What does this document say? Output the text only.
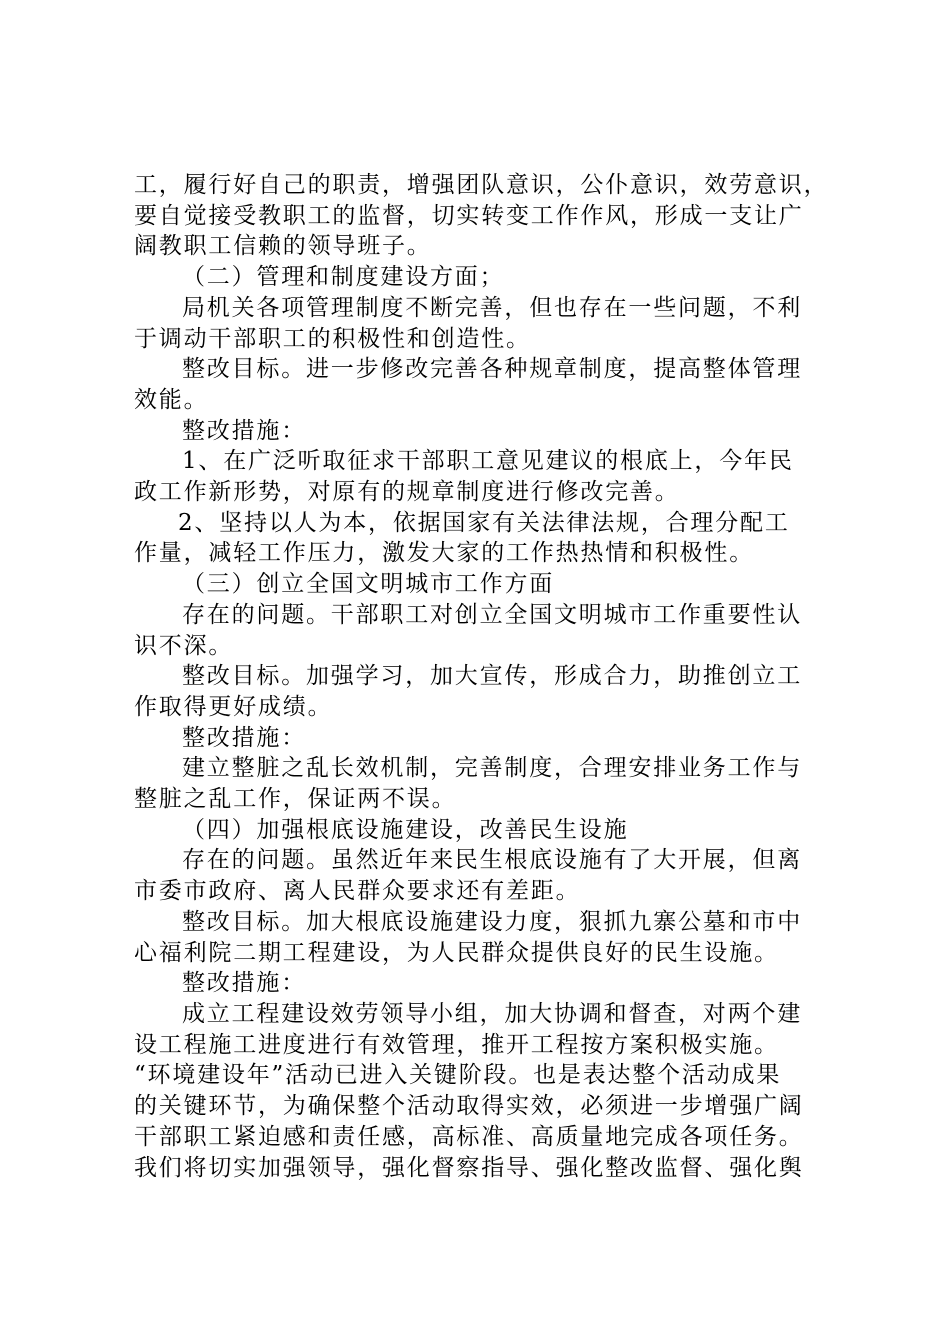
工，履行好自己的职责，增强团队意识，公仆意识，效劳意识，

要自觉接受教职工的监督，切实转变工作作风，形成一支让广

阔教职工信赖的领导班子。

（二）管理和制度建设方面；

局机关各项管理制度不断完善，但也存在一些问题，不利

于调动干部职工的积极性和创造性。

整改目标。进一步修改完善各种规章制度，提高整体管理

效能。

整改措施：

1、在广泛听取征求干部职工意见建议的根底上，今年民

政工作新形势，对原有的规章制度进行修改完善。

2、坚持以人为本，依据国家有关法律法规，合理分配工

作量，减轻工作压力，激发大家的工作热热情和积极性。

（三）创立全国文明城市工作方面

存在的问题。干部职工对创立全国文明城市工作重要性认

识不深。

整改目标。加强学习，加大宣传，形成合力，助推创立工

作取得更好成绩。

整改措施：

建立整脏之乱长效机制，完善制度，合理安排业务工作与

整脏之乱工作，保证两不误。

（四）加强根底设施建设，改善民生设施

存在的问题。虽然近年来民生根底设施有了大开展，但离

市委市政府、离人民群众要求还有差距。

整改目标。加大根底设施建设力度，狠抓九寨公墓和市中

心福利院二期工程建设，为人民群众提供良好的民生设施。

整改措施：

成立工程建设效劳领导小组，加大协调和督查，对两个建

设工程施工进度进行有效管理，推开工程按方案积极实施。

“环境建设年”活动已进入关键阶段。也是表达整个活动成果

的关键环节，为确保整个活动取得实效，必须进一步增强广阔

干部职工紧迫感和责任感，高标准、高质量地完成各项任务。

我们将切实加强领导，强化督察指导、强化整改监督、强化舆
